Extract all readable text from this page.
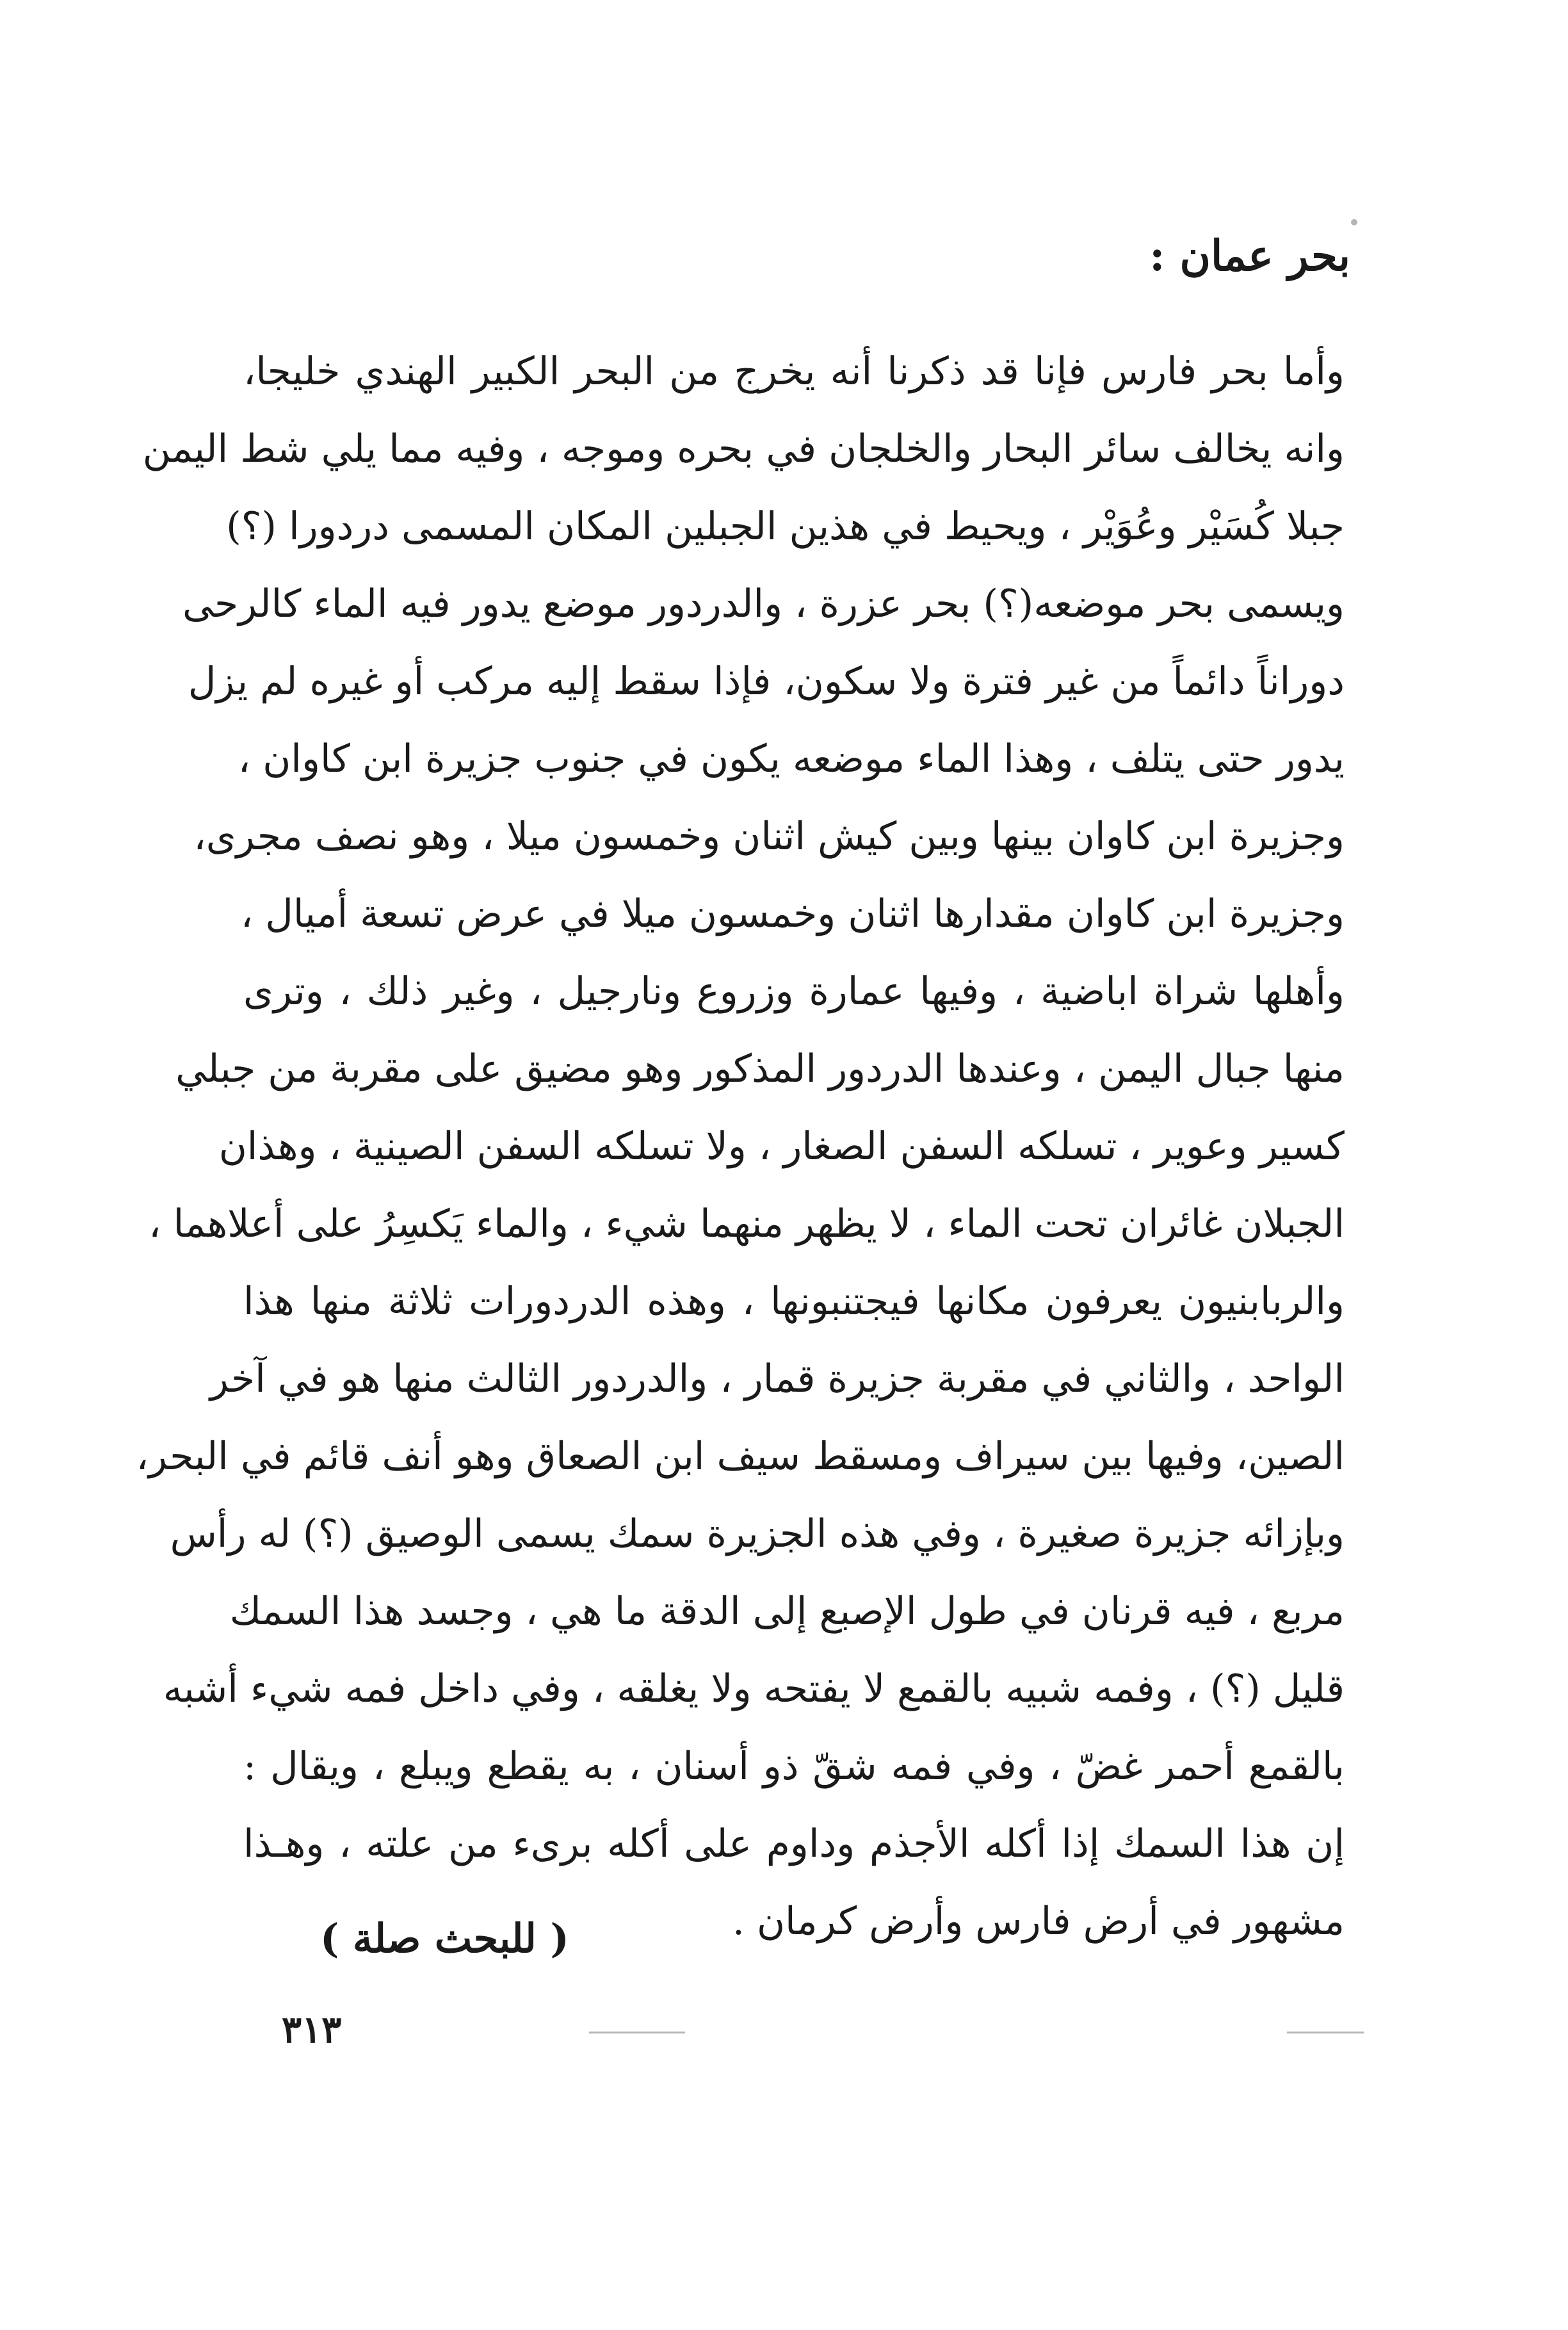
بحر عمان :
وأما بحر فارس فإنا قد ذكرنا أنه يخرج من البحر الكبير الهندي خليجا،
وانه يخالف سائر البحار والخلجان في بحره وموجه ، وفيه مما يلي شط اليمن
جبلا كُسَيْر وعُوَيْر ، ويحيط في هذين الجبلين المكان المسمى دردورا (؟)
ويسمى بحر موضعه(؟) بحر عزرة ، والدردور موضع يدور فيه الماء كالرحى
دوراناً دائماً من غير فترة ولا سكون، فإذا سقط إليه مركب أو غيره لم يزل
يدور حتى يتلف ، وهذا الماء موضعه يكون في جنوب جزيرة ابن كاوان ،
وجزيرة ابن كاوان بينها وبين كيش اثنان وخمسون ميلا ، وهو نصف مجرى،
وجزيرة ابن كاوان مقدارها اثنان وخمسون ميلا في عرض تسعة أميال ،
وأهلها شراة اباضية ، وفيها عمارة وزروع ونارجيل ، وغير ذلك ، وترى
منها جبال اليمن ، وعندها الدردور المذكور وهو مضيق على مقربة من جبلي
كسير وعوير ، تسلكه السفن الصغار ، ولا تسلكه السفن الصينية ، وهذان
الجبلان غائران تحت الماء ، لا يظهر منهما شيء ، والماء يَكسِرُ على أعلاهما ،
والربابنيون يعرفون مكانها فيجتنبونها ، وهذه الدردورات ثلاثة منها هذا
الواحد ، والثاني في مقربة جزيرة قمار ، والدردور الثالث منها هو في آخر
الصين، وفيها بين سيراف ومسقط سيف ابن الصعاق وهو أنف قائم في البحر،
وبإزائه جزيرة صغيرة ، وفي هذه الجزيرة سمك يسمى الوصيق (؟) له رأس
مربع ، فيه قرنان في طول الإصبع إلى الدقة ما هي ، وجسد هذا السمك
قليل (؟) ، وفمه شبيه بالقمع لا يفتحه ولا يغلقه ، وفي داخل فمه شيء أشبه
بالقمع أحمر غضّ ، وفي فمه شقّ ذو أسنان ، به يقطع ويبلع ، ويقال :
إن هذا السمك إذا أكله الأجذم وداوم على أكله برىء من علته ، وهـذا
مشهور في أرض فارس وأرض كرمان .
( للبحث صلة )
٣١٣
